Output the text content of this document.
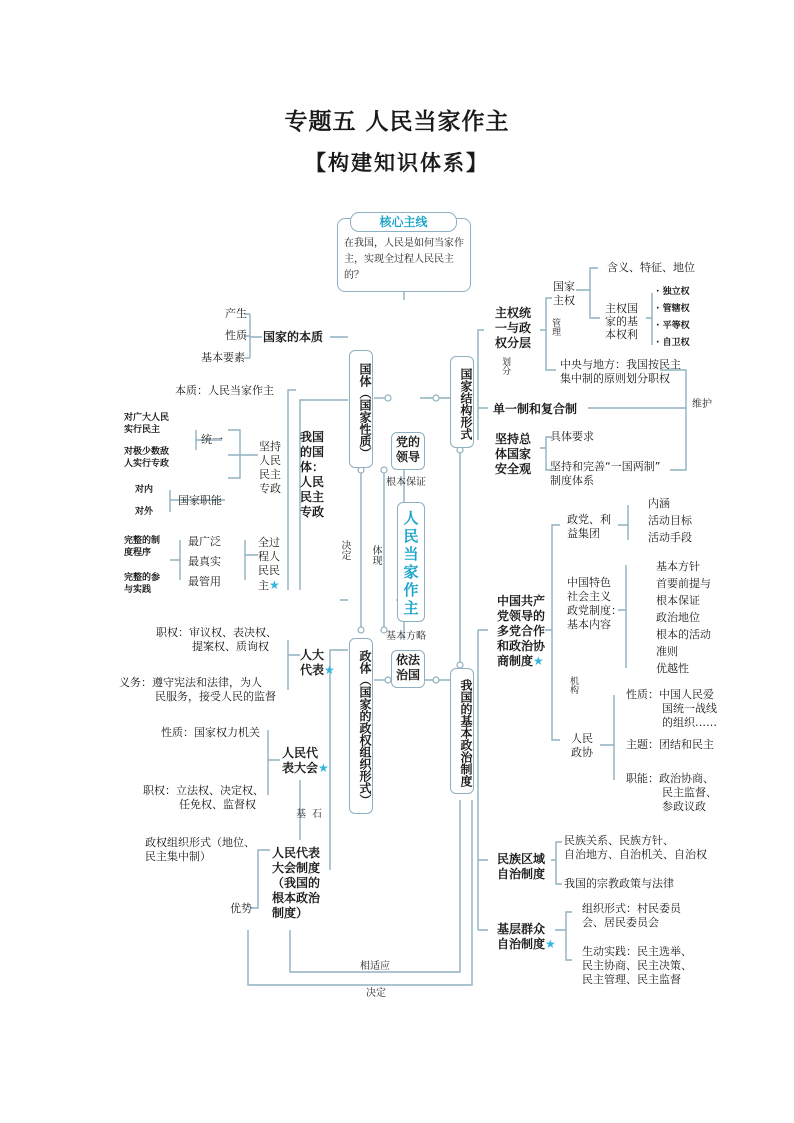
专题五 人民当家作主
【构建知识体系】
核心主线
在我国，人民是如何当家作主，实现全过程人民民主的？
党的
领导
根本保证
人
民
当
家
作
主
基本方略
依法
治国
国体（国家性质）
政体（国家的政权组织形式）
决定 体现
国家的本质
产生
性质
基本要素
本质：人民当家作主
我国
的国
体：
人民
民主
专政
坚持
人民
民主
专政
统一
对广大人民
实行民主
对极少数敌
人实行专政
国家职能
对内
对外
全过
程人
民民
主★
最广泛
最真实
最管用
完整的制
度程序
完整的参
与实践
人大
代表★
职权：审议权、表决权、
提案权、质询权
义务：遵守宪法和法律，为人
民服务，接受人民的监督
性质：国家权力机关
人民代
表大会★
职权：立法权、决定权、
任免权、监督权
基石
人民代表
大会制度
（我国的
根本政治
制度）
政权组织形式（地位、
民主集中制）
优势
相适应
决定
国家结构形式
我国的基本政治制度
主权统
一与政
权分层
国家
主权
含义、特征、地位
管理
主权国
家的基
本权利
· 独立权
· 管辖权
· 平等权
· 自卫权
中央与地方：我国按民主
集中制的原则划分职权
划分
单一制和复合制	维护
坚持总
体国家
安全观
具体要求
坚持和完善“一国两制”
制度体系
中国共产
党领导的
多党合作
和政治协
商制度★
政党、利
益集团
内涵
活动目标
活动手段
中国特色
社会主义
政党制度：
基本内容
基本方针
首要前提与
根本保证
政治地位
根本的活动
准则
优越性
机构
人民
政协
性质：中国人民爱
国统一战线
的组织……
主题：团结和民主
职能：政治协商、
民主监督、
参政议政
民族区域
自治制度
民族关系、民族方针、
自治地方、自治机关、自治权
我国的宗教政策与法律
基层群众
自治制度★
组织形式：村民委员
会、居民委员会
生动实践：民主选举、
民主协商、民主决策、
民主管理、民主监督
